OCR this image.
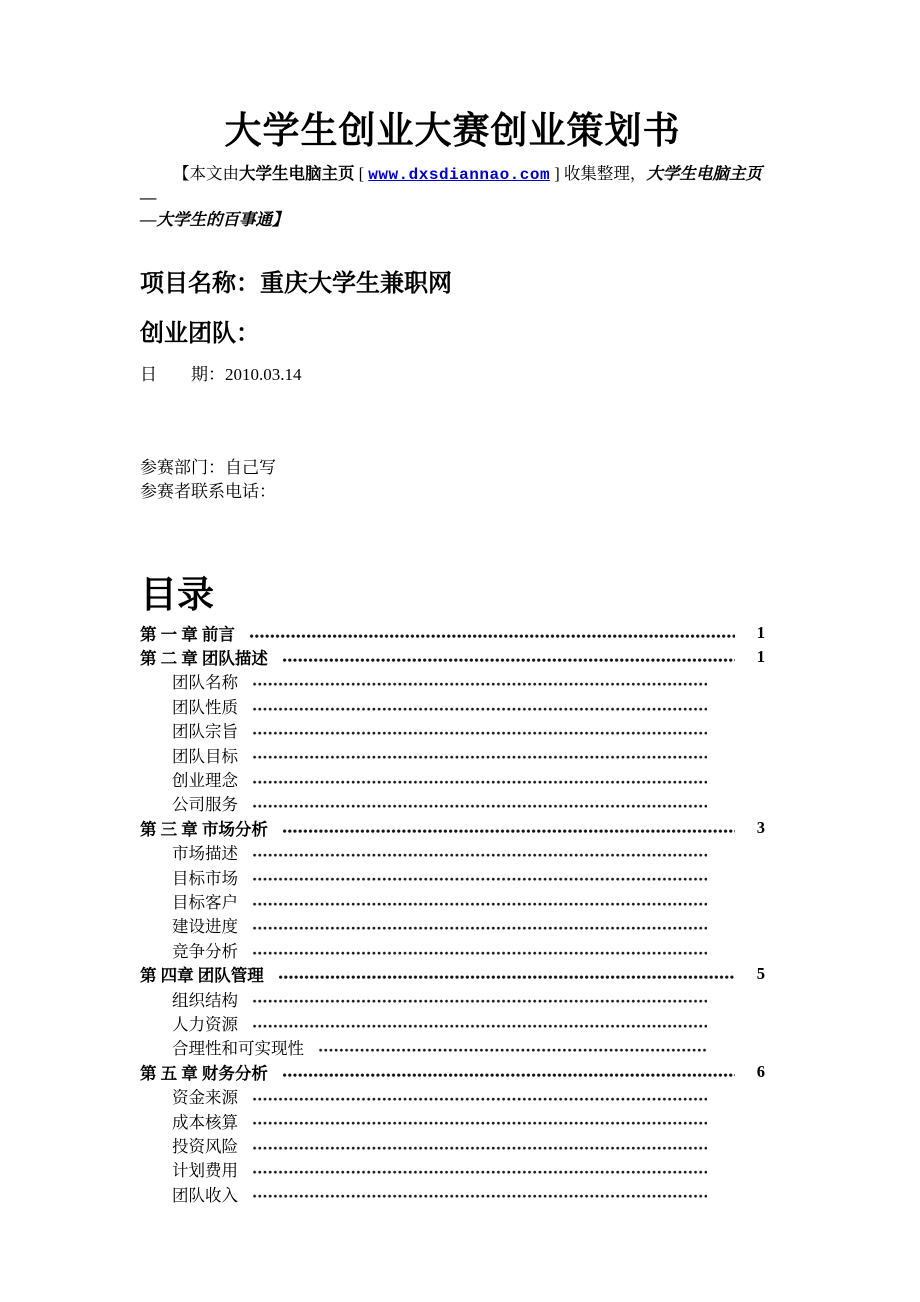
大学生创业大赛创业策划书

【本文由大学生电脑主页 [ www.dxsdiannao.com ] 收集整理，大学生电脑主页—
—大学生的百事通】

项目名称：重庆大学生兼职网
创业团队：

日　　期：2010.03.14

参赛部门：自己写

参赛者联系电话：

目录
第 一 章 前言	1
第 二 章 团队描述	1
团队名称
团队性质
团队宗旨
团队目标
创业理念
公司服务
第 三 章 市场分析	3
市场描述
目标市场
目标客户
建设进度
竞争分析
第 四章 团队管理	5
组织结构
人力资源
合理性和可实现性
第 五 章 财务分析	6
资金来源
成本核算
投资风险
计划费用
团队收入
